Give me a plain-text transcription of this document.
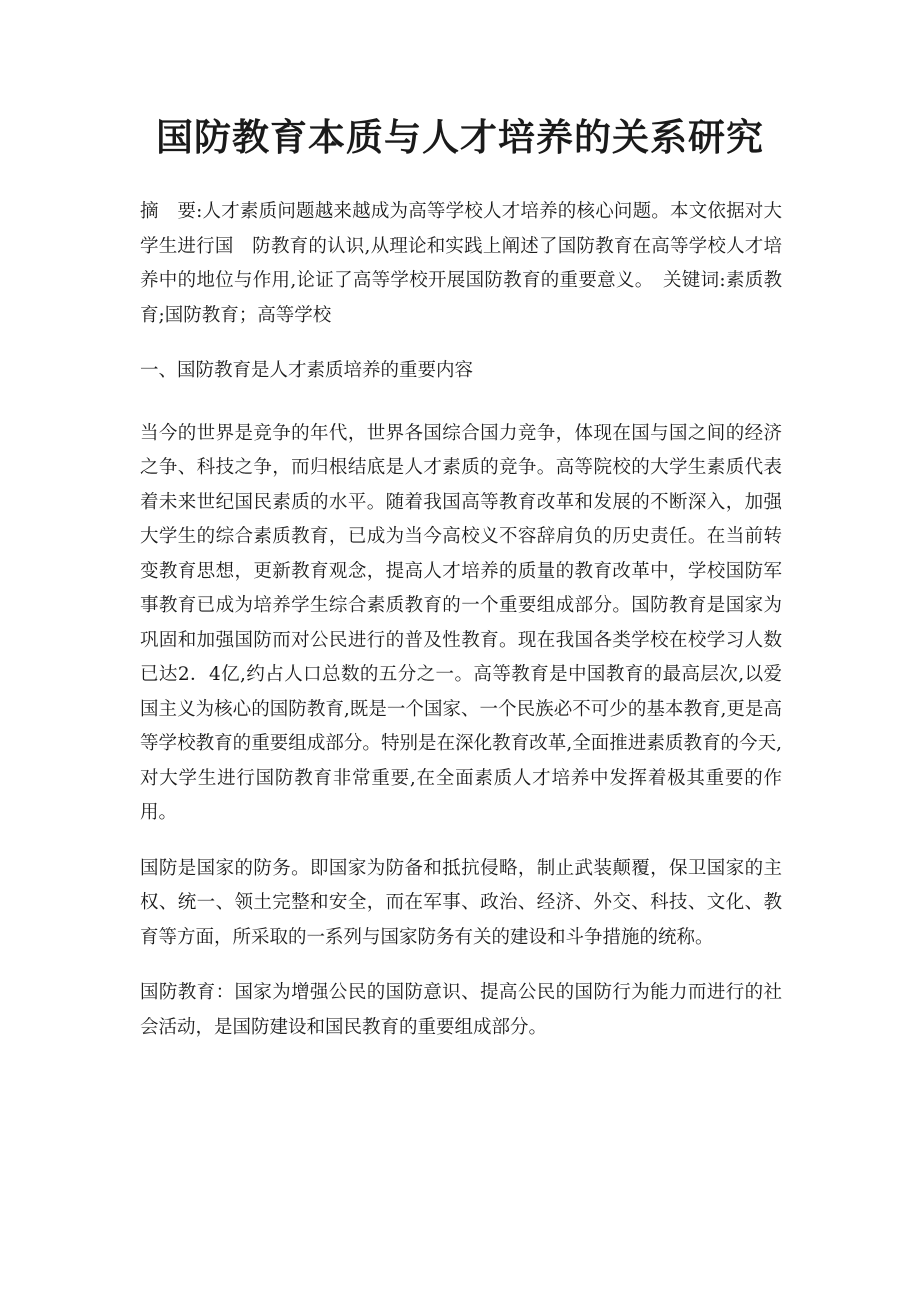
国防教育本质与人才培养的关系研究

摘　要:人才素质问题越来越成为高等学校人才培养的核心问题。本文依据对大学生进行国　防教育的认识,从理论和实践上阐述了国防教育在高等学校人才培养中的地位与作用,论证了高等学校开展国防教育的重要意义。　关键词:素质教育;国防教育；高等学校

一、国防教育是人才素质培养的重要内容

当今的世界是竞争的年代，世界各国综合国力竞争，体现在国与国之间的经济之争、科技之争，而归根结底是人才素质的竞争。高等院校的大学生素质代表着未来世纪国民素质的水平。随着我国高等教育改革和发展的不断深入，加强大学生的综合素质教育，已成为当今高校义不容辞肩负的历史责任。在当前转变教育思想，更新教育观念，提高人才培养的质量的教育改革中，学校国防军事教育已成为培养学生综合素质教育的一个重要组成部分。国防教育是国家为巩固和加强国防而对公民进行的普及性教育。现在我国各类学校在校学习人数已达2．4亿,约占人口总数的五分之一。高等教育是中国教育的最高层次,以爱国主义为核心的国防教育,既是一个国家、一个民族必不可少的基本教育,更是高等学校教育的重要组成部分。特别是在深化教育改革,全面推进素质教育的今天,对大学生进行国防教育非常重要,在全面素质人才培养中发挥着极其重要的作用。

国防是国家的防务。即国家为防备和抵抗侵略，制止武装颠覆，保卫国家的主权、统一、领土完整和安全，而在军事、政治、经济、外交、科技、文化、教育等方面，所采取的一系列与国家防务有关的建设和斗争措施的统称。

国防教育：国家为增强公民的国防意识、提高公民的国防行为能力而进行的社会活动，是国防建设和国民教育的重要组成部分。
